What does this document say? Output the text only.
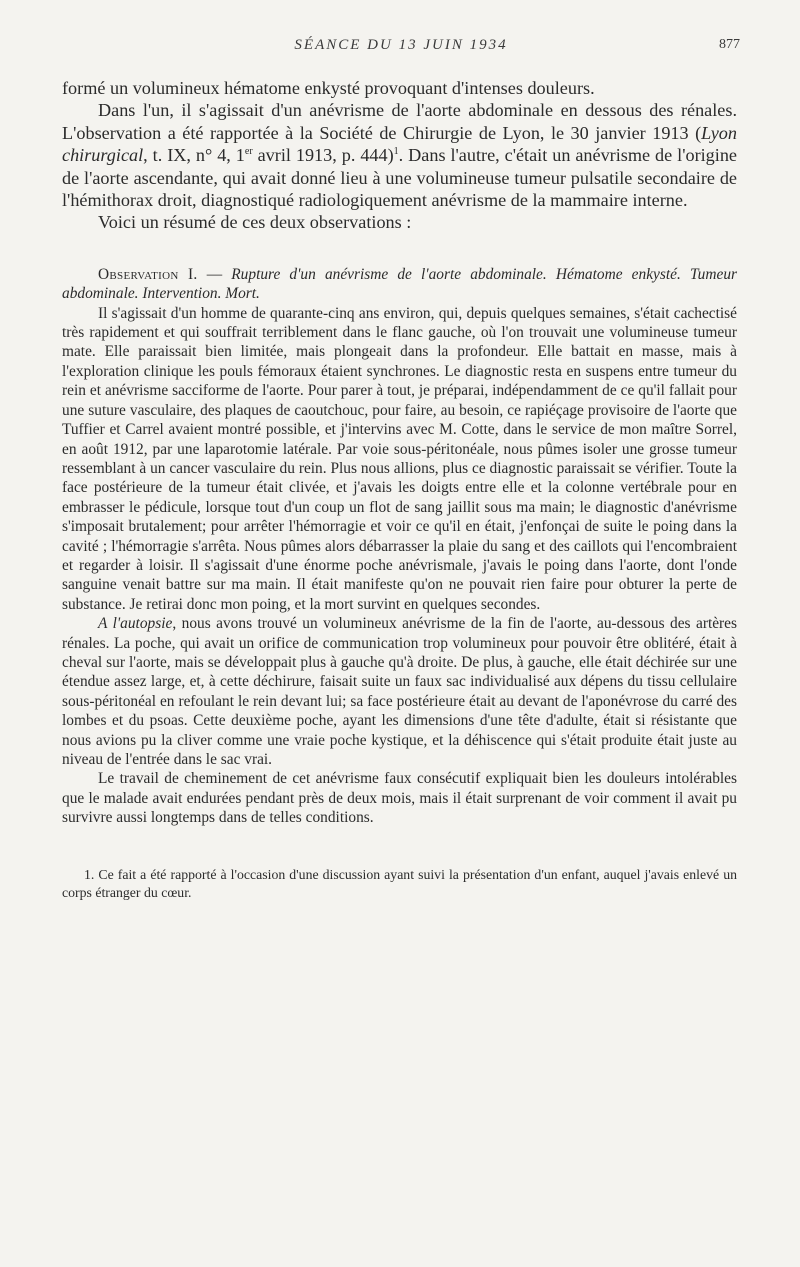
SÉANCE DU 13 JUIN 1934	877

formé un volumineux hématome enkysté provoquant d'intenses douleurs.

Dans l'un, il s'agissait d'un anévrisme de l'aorte abdominale en dessous des rénales. L'observation a été rapportée à la Société de Chirurgie de Lyon, le 30 janvier 1913 (Lyon chirurgical, t. IX, n° 4, 1er avril 1913, p. 444)$^1$. Dans l'autre, c'était un anévrisme de l'origine de l'aorte ascendante, qui avait donné lieu à une volumineuse tumeur pulsatile secondaire de l'hémithorax droit, diagnostiqué radiologiquement anévrisme de la mammaire interne.

Voici un résumé de ces deux observations :

Observation I. — Rupture d'un anévrisme de l'aorte abdominale. Hématome enkysté. Tumeur abdominale. Intervention. Mort.

Il s'agissait d'un homme de quarante-cinq ans environ, qui, depuis quelques semaines, s'était cachectisé très rapidement et qui souffrait terriblement dans le flanc gauche, où l'on trouvait une volumineuse tumeur mate. Elle paraissait bien limitée, mais plongeait dans la profondeur. Elle battait en masse, mais à l'exploration clinique les pouls fémoraux étaient synchrones. Le diagnostic resta en suspens entre tumeur du rein et anévrisme sacciforme de l'aorte. Pour parer à tout, je préparai, indépendamment de ce qu'il fallait pour une suture vasculaire, des plaques de caoutchouc, pour faire, au besoin, ce rapiéçage provisoire de l'aorte que Tuffier et Carrel avaient montré possible, et j'intervins avec M. Cotte, dans le service de mon maître Sorrel, en août 1912, par une laparotomie latérale. Par voie sous-péritonéale, nous pûmes isoler une grosse tumeur ressemblant à un cancer vasculaire du rein. Plus nous allions, plus ce diagnostic paraissait se vérifier. Toute la face postérieure de la tumeur était clivée, et j'avais les doigts entre elle et la colonne vertébrale pour en embrasser le pédicule, lorsque tout d'un coup un flot de sang jaillit sous ma main; le diagnostic d'anévrisme s'imposait brutalement; pour arrêter l'hémorragie et voir ce qu'il en était, j'enfonçai de suite le poing dans la cavité ; l'hémorragie s'arrêta. Nous pûmes alors débarrasser la plaie du sang et des caillots qui l'encombraient et regarder à loisir. Il s'agissait d'une énorme poche anévrismale, j'avais le poing dans l'aorte, dont l'onde sanguine venait battre sur ma main. Il était manifeste qu'on ne pouvait rien faire pour obturer la perte de substance. Je retirai donc mon poing, et la mort survint en quelques secondes.

A l'autopsie, nous avons trouvé un volumineux anévrisme de la fin de l'aorte, au-dessous des artères rénales. La poche, qui avait un orifice de communication trop volumineux pour pouvoir être oblitéré, était à cheval sur l'aorte, mais se développait plus à gauche qu'à droite. De plus, à gauche, elle était déchirée sur une étendue assez large, et, à cette déchirure, faisait suite un faux sac individualisé aux dépens du tissu cellulaire sous-péritonéal en refoulant le rein devant lui; sa face postérieure était au devant de l'aponévrose du carré des lombes et du psoas. Cette deuxième poche, ayant les dimensions d'une tête d'adulte, était si résistante que nous avions pu la cliver comme une vraie poche kystique, et la déhiscence qui s'était produite était juste au niveau de l'entrée dans le sac vrai.

Le travail de cheminement de cet anévrisme faux consécutif expliquait bien les douleurs intolérables que le malade avait endurées pendant près de deux mois, mais il était surprenant de voir comment il avait pu survivre aussi longtemps dans de telles conditions.

1. Ce fait a été rapporté à l'occasion d'une discussion ayant suivi la présentation d'un enfant, auquel j'avais enlevé un corps étranger du cœur.
